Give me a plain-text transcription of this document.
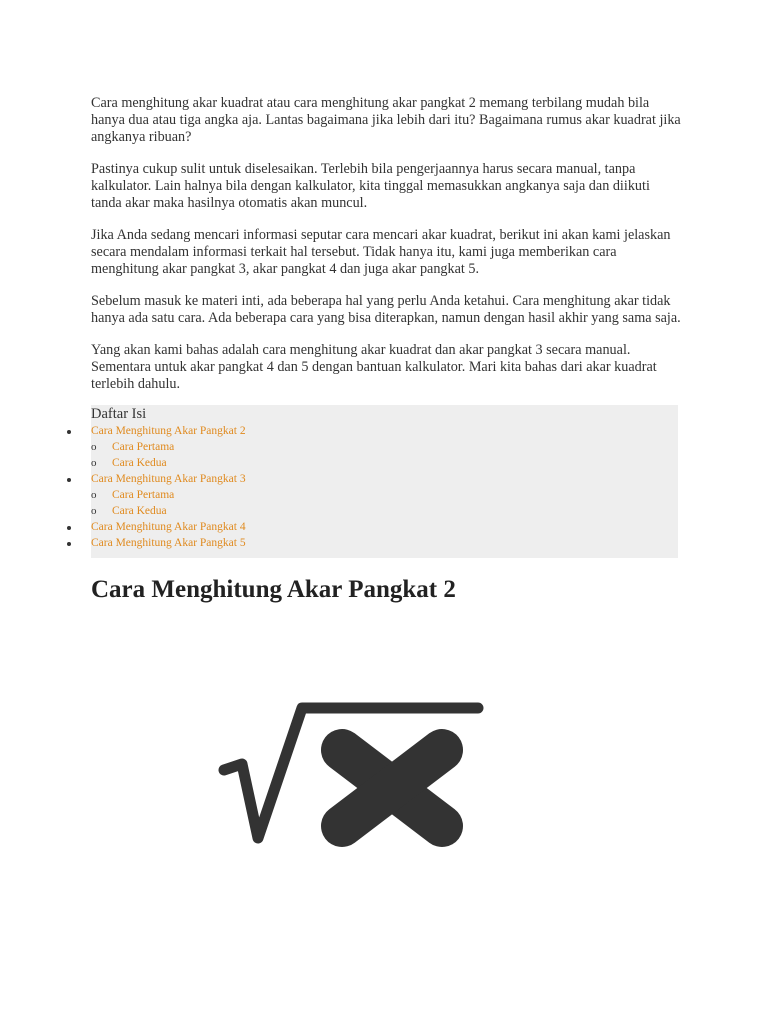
Cara menghitung akar kuadrat atau cara menghitung akar pangkat 2 memang terbilang mudah bila hanya dua atau tiga angka aja. Lantas bagaimana jika lebih dari itu? Bagaimana rumus akar kuadrat jika angkanya ribuan?

Pastinya cukup sulit untuk diselesaikan. Terlebih bila pengerjaannya harus secara manual, tanpa kalkulator. Lain halnya bila dengan kalkulator, kita tinggal memasukkan angkanya saja dan diikuti tanda akar maka hasilnya otomatis akan muncul.

Jika Anda sedang mencari informasi seputar cara mencari akar kuadrat, berikut ini akan kami jelaskan secara mendalam informasi terkait hal tersebut. Tidak hanya itu, kami juga memberikan cara menghitung akar pangkat 3, akar pangkat 4 dan juga akar pangkat 5.

Sebelum masuk ke materi inti, ada beberapa hal yang perlu Anda ketahui. Cara menghitung akar tidak hanya ada satu cara. Ada beberapa cara yang bisa diterapkan, namun dengan hasil akhir yang sama saja.

Yang akan kami bahas adalah cara menghitung akar kuadrat dan akar pangkat 3 secara manual. Sementara untuk akar pangkat 4 dan 5 dengan bantuan kalkulator. Mari kita bahas dari akar kuadrat terlebih dahulu.

Daftar Isi
Cara Menghitung Akar Pangkat 2
o Cara Pertama
o Cara Kedua
Cara Menghitung Akar Pangkat 3
o Cara Pertama
o Cara Kedua
Cara Menghitung Akar Pangkat 4
Cara Menghitung Akar Pangkat 5
Cara Menghitung Akar Pangkat 2
